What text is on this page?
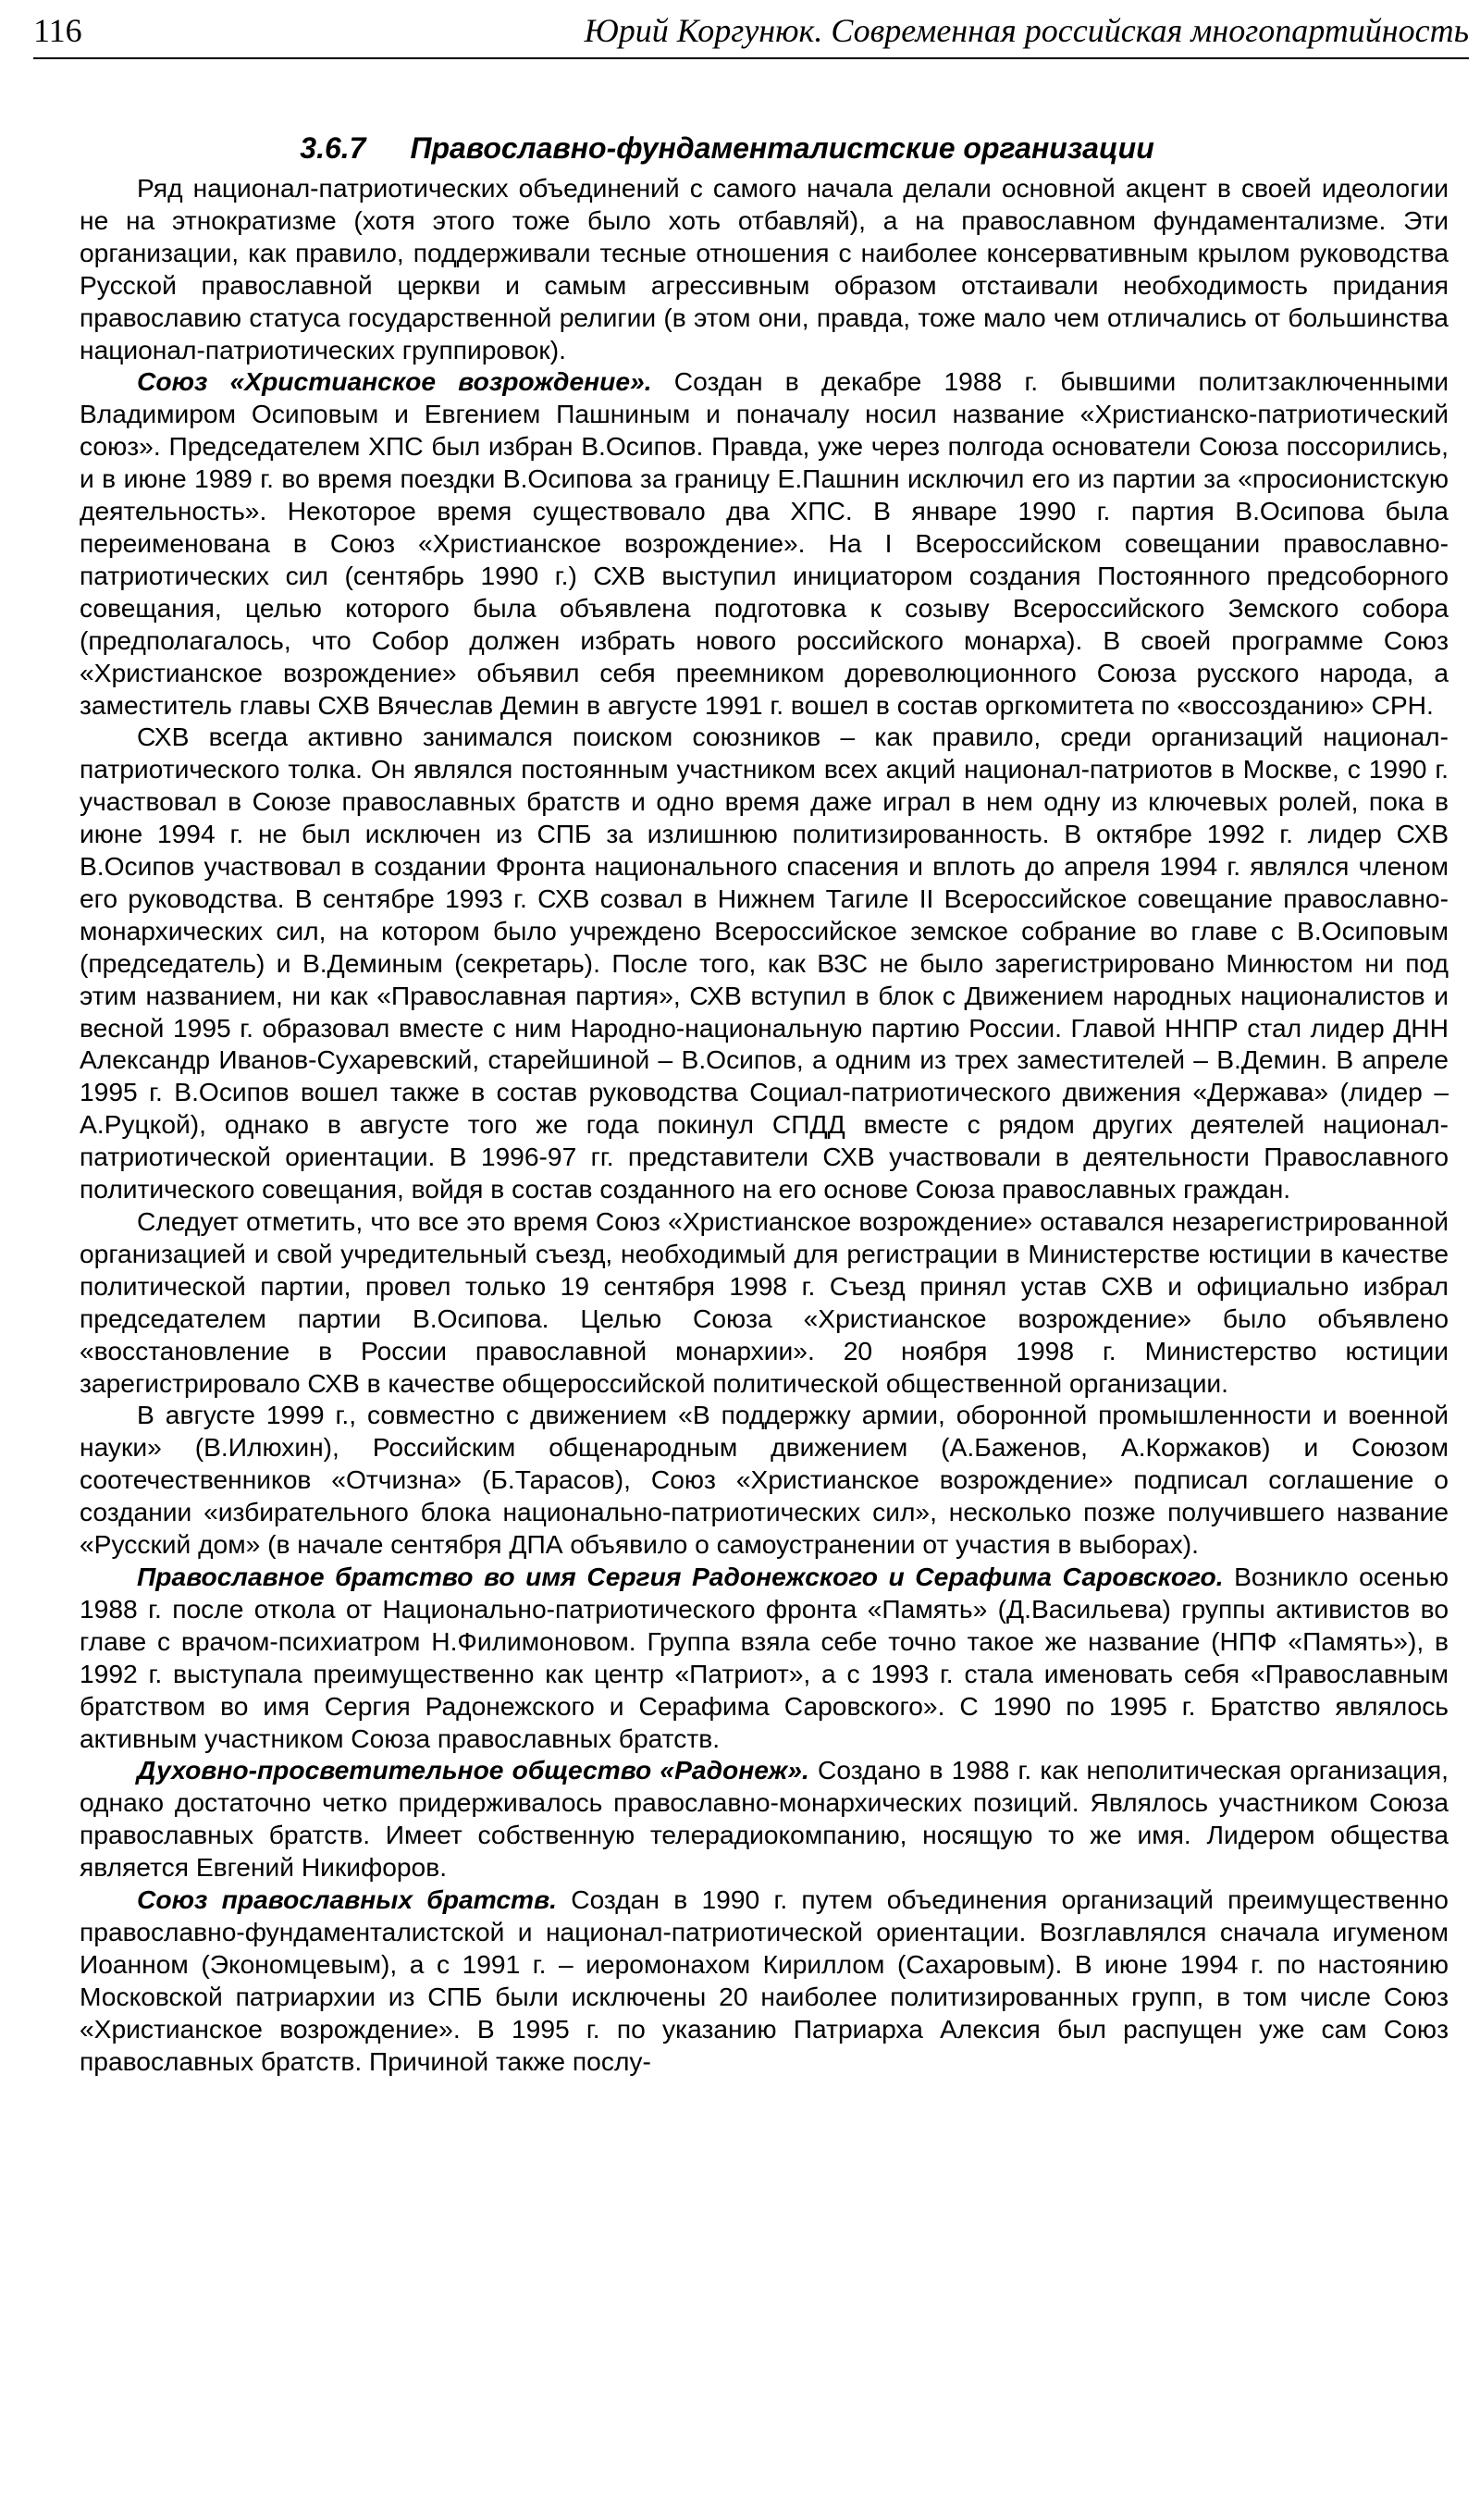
116	Юрий Коргунюк. Современная российская многопартийность
3.6.7 Православно-фундаменталистские организации

Ряд национал-патриотических объединений с самого начала делали основной акцент в своей идеологии не на этнократизме (хотя этого тоже было хоть отбавляй), а на православном фундаментализме. Эти организации, как правило, поддерживали тесные отношения с наиболее консервативным крылом руководства Русской православной церкви и самым агрессивным образом отстаивали необходимость придания православию статуса государственной религии (в этом они, правда, тоже мало чем отличались от большинства национал-патриотических группировок).

Союз «Христианское возрождение». Создан в декабре 1988 г. бывшими политзаключенными Владимиром Осиповым и Евгением Пашниным и поначалу носил название «Христианско-патриотический союз». Председателем ХПС был избран В.Осипов. Правда, уже через полгода основатели Союза поссорились, и в июне 1989 г. во время поездки В.Осипова за границу Е.Пашнин исключил его из партии за «просионистскую деятельность». Некоторое время существовало два ХПС. В январе 1990 г. партия В.Осипова была переименована в Союз «Христианское возрождение». На I Всероссийском совещании православно-патриотических сил (сентябрь 1990 г.) СХВ выступил инициатором создания Постоянного предсоборного совещания, целью которого была объявлена подготовка к созыву Всероссийского Земского собора (предполагалось, что Собор должен избрать нового российского монарха). В своей программе Союз «Христианское возрождение» объявил себя преемником дореволюционного Союза русского народа, а заместитель главы СХВ Вячеслав Демин в августе 1991 г. вошел в состав оргкомитета по «воссозданию» СРН.

СХВ всегда активно занимался поиском союзников – как правило, среди организаций национал-патриотического толка. Он являлся постоянным участником всех акций национал-патриотов в Москве, с 1990 г. участвовал в Союзе православных братств и одно время даже играл в нем одну из ключевых ролей, пока в июне 1994 г. не был исключен из СПБ за излишнюю политизированность. В октябре 1992 г. лидер СХВ В.Осипов участвовал в создании Фронта национального спасения и вплоть до апреля 1994 г. являлся членом его руководства. В сентябре 1993 г. СХВ созвал в Нижнем Тагиле II Всероссийское совещание православно-монархических сил, на котором было учреждено Всероссийское земское собрание во главе с В.Осиповым (председатель) и В.Деминым (секретарь). После того, как ВЗС не было зарегистрировано Минюстом ни под этим названием, ни как «Православная партия», СХВ вступил в блок с Движением народных националистов и весной 1995 г. образовал вместе с ним Народно-национальную партию России. Главой ННПР стал лидер ДНН Александр Иванов-Сухаревский, старейшиной – В.Осипов, а одним из трех заместителей – В.Демин. В апреле 1995 г. В.Осипов вошел также в состав руководства Социал-патриотического движения «Держава» (лидер – А.Руцкой), однако в августе того же года покинул СПДД вместе с рядом других деятелей национал-патриотической ориентации. В 1996-97 гг. представители СХВ участвовали в деятельности Православного политического совещания, войдя в состав созданного на его основе Союза православных граждан.

Следует отметить, что все это время Союз «Христианское возрождение» оставался незарегистрированной организацией и свой учредительный съезд, необходимый для регистрации в Министерстве юстиции в качестве политической партии, провел только 19 сентября 1998 г. Съезд принял устав СХВ и официально избрал председателем партии В.Осипова. Целью Союза «Христианское возрождение» было объявлено «восстановление в России православной монархии». 20 ноября 1998 г. Министерство юстиции зарегистрировало СХВ в качестве общероссийской политической общественной организации.

В августе 1999 г., совместно с движением «В поддержку армии, оборонной промышленности и военной науки» (В.Илюхин), Российским общенародным движением (А.Баженов, А.Коржаков) и Союзом соотечественников «Отчизна» (Б.Тарасов), Союз «Христианское возрождение» подписал соглашение о создании «избирательного блока национально-патриотических сил», несколько позже получившего название «Русский дом» (в начале сентября ДПА объявило о самоустранении от участия в выборах).

Православное братство во имя Сергия Радонежского и Серафима Саровского. Возникло осенью 1988 г. после откола от Национально-патриотического фронта «Память» (Д.Васильева) группы активистов во главе с врачом-психиатром Н.Филимоновом. Группа взяла себе точно такое же название (НПФ «Память»), в 1992 г. выступала преимущественно как центр «Патриот», а с 1993 г. стала именовать себя «Православным братством во имя Сергия Радонежского и Серафима Саровского». С 1990 по 1995 г. Братство являлось активным участником Союза православных братств.

Духовно-просветительное общество «Радонеж». Создано в 1988 г. как неполитическая организация, однако достаточно четко придерживалось православно-монархических позиций. Являлось участником Союза православных братств. Имеет собственную телерадиокомпанию, носящую то же имя. Лидером общества является Евгений Никифоров.

Союз православных братств. Создан в 1990 г. путем объединения организаций преимущественно православно-фундаменталистской и национал-патриотической ориентации. Возглавлялся сначала игуменом Иоанном (Экономцевым), а с 1991 г. – иеромонахом Кириллом (Сахаровым). В июне 1994 г. по настоянию Московской патриархии из СПБ были исключены 20 наиболее политизированных групп, в том числе Союз «Христианское возрождение». В 1995 г. по указанию Патриарха Алексия был распущен уже сам Союз православных братств. Причиной также послу-
